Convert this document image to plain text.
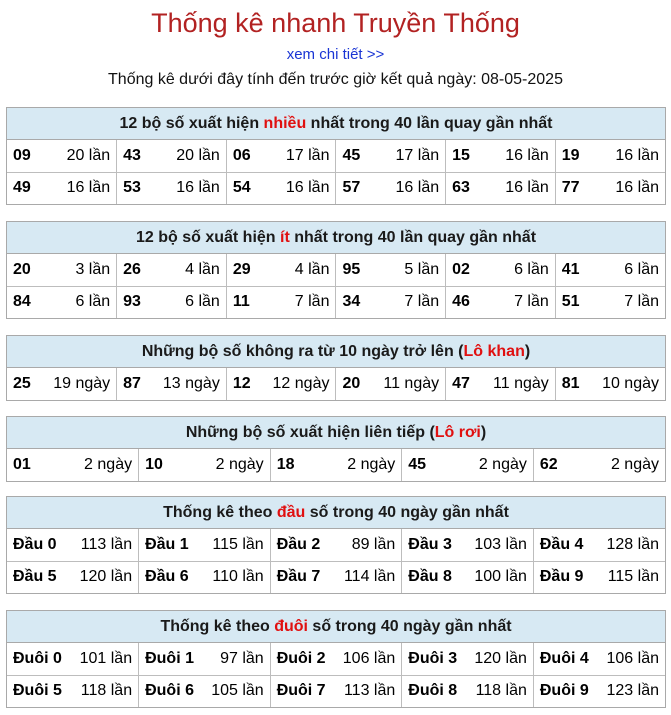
Thống kê nhanh Truyền Thống
xem chi tiết >>
Thống kê dưới đây tính đến trước giờ kết quả ngày: 08-05-2025
12 bộ số xuất hiện nhiều nhất trong 40 lần quay gần nhất
09 20 lần	43 20 lần	06 17 lần	45 17 lần	15 16 lần	19 16 lần

49 16 lần	53 16 lần	54 16 lần	57 16 lần	63 16 lần	77 16 lần
12 bộ số xuất hiện ít nhất trong 40 lần quay gần nhất
20 3 lần	26 4 lần	29 4 lần	95 5 lần	02 6 lần	41 6 lần

84 6 lần	93 6 lần	11 7 lần	34 7 lần	46 7 lần	51 7 lần
Những bộ số không ra từ 10 ngày trở lên (Lô khan)
25 19 ngày	87 13 ngày	12 12 ngày	20 11 ngày	47 11 ngày	81 10 ngày
Những bộ số xuất hiện liên tiếp (Lô rơi)
01	2 ngày	10	2 ngày	18	2 ngày	45	2 ngày	62	2 ngày
Thống kê theo đầu số trong 40 ngày gần nhất
Đầu 0 113 lần	Đầu 1 115 lần	Đầu 2 89 lần	Đầu 3 103 lần	Đầu 4 128 lần

Đầu 5 120 lần	Đầu 6 110 lần	Đầu 7 114 lần	Đầu 8 100 lần	Đầu 9 115 lần
Thống kê theo đuôi số trong 40 ngày gần nhất
Đuôi 0 101 lần	Đuôi 1 97 lần	Đuôi 2 106 lần	Đuôi 3 120 lần	Đuôi 4 106 lần

Đuôi 5 118 lần	Đuôi 6 105 lần	Đuôi 7 113 lần	Đuôi 8 118 lần	Đuôi 9 123 lần
